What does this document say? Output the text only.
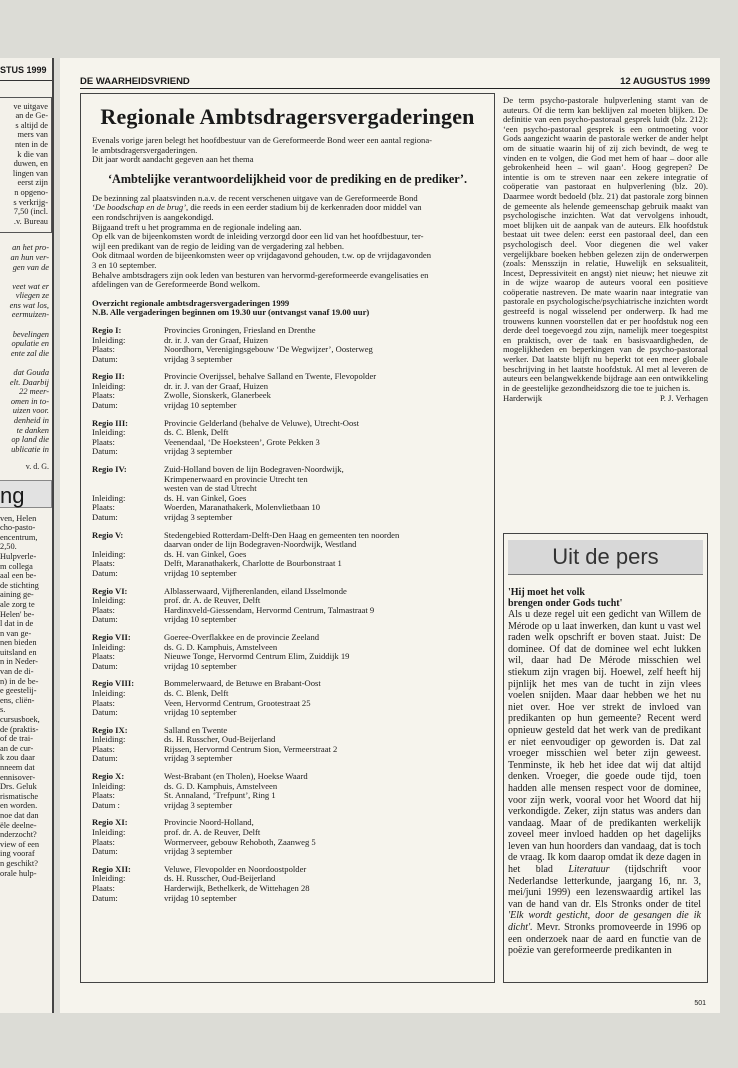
STUS 1999
ve uitgave
an de Ge-
s altijd de
mers van
nten in de
k die van
duwen, en
lingen van
eerst zijn
n opgeno-
s verkrijg-
7,50 (incl.
.v. Bureau
an het pro-
an hun ver-
gen van de

veet wat er
vliegen ze
ens wat los,
eermuizen-

bevelingen
opulatie en
ente zal die

dat Gouda
elt. Daarbij
22 meer-
omen in to-
uizen voor.
denheid in
te danken
op land die
ublicatie in
v. d. G.
ng
ven, Helen
cho-pasto-
encentrum,
2,50.
Hulpverle-
m collega
aal een be-
de stichting
aining ge-
ale zorg te
Helen' be-
l dat in de
n van ge-
nen bieden
uitsland en
n in Neder-
van de di-
n) in de be-
e geestelij-
ens, cliën-
s.
cursusboek,
de (praktis-
of de trai-
an de cur-
k zou daar
nneem dat
ennisover-
Drs. Geluk
rismatische
en worden.
noe dat dan
ële deelne-
nderzocht?
view of een
ing vooraf
n geschikt?
orale hulp-
DE WAARHEIDSVRIEND	12 AUGUSTUS 1999
Regionale Ambtsdragersvergaderingen

Evenals vorige jaren belegt het hoofdbestuur van de Gereformeerde Bond weer een aantal regiona-

le ambtsdragersvergaderingen.

Dit jaar wordt aandacht gegeven aan het thema

‘Ambtelijke verantwoordelijkheid voor de prediking en de prediker’.

De bezinning zal plaatsvinden n.a.v. de recent verschenen uitgave van de Gereformeerde Bond

‘De boodschap en de brug’, die reeds in een eerder stadium bij de kerkenraden door middel van

een rondschrijven is aangekondigd.

Bijgaand treft u het programma en de regionale indeling aan.

Op elk van de bijeenkomsten wordt de inleiding verzorgd door een lid van het hoofdbestuur, ter-

wijl een predikant van de regio de leiding van de vergadering zal hebben.

Ook ditmaal worden de bijeenkomsten weer op vrijdagavond gehouden, t.w. op de vrijdagavonden

3 en 10 september.

Behalve ambtsdragers zijn ook leden van besturen van hervormd-gereformeerde evangelisaties en

afdelingen van de Gereformeerde Bond welkom.

Overzicht regionale ambtsdragersvergaderingen 1999

N.B. Alle vergaderingen beginnen om 19.30 uur (ontvangst vanaf 19.00 uur)

Regio I:	Provincies Groningen, Friesland en Drenthe
Inleiding:	dr. ir. J. van der Graaf, Huizen
Plaats:	Noordhorn, Verenigingsgebouw ‘De Wegwijzer’, Oosterweg
Datum:	vrijdag 3 september
Regio II:	Provincie Overijssel, behalve Salland en Twente, Flevopolder
Inleiding:	dr. ir. J. van der Graaf, Huizen
Plaats:	Zwolle, Sionskerk, Glanerbeek
Datum:	vrijdag 10 september
Regio III:	Provincie Gelderland (behalve de Veluwe), Utrecht-Oost
Inleiding:	ds. C. Blenk, Delft
Plaats:	Veenendaal, ‘De Hoeksteen’, Grote Pekken 3
Datum:	vrijdag 3 september
Regio IV:	Zuid-Holland boven de lijn Bodegraven-Noordwijk,
Krimpenerwaard en provincie Utrecht ten
westen van de stad Utrecht
Inleiding:	ds. H. van Ginkel, Goes
Plaats:	Woerden, Maranathakerk, Molenvlietbaan 10
Datum:	vrijdag 3 september
Regio V:	Stedengebied Rotterdam-Delft-Den Haag en gemeenten ten noorden
daarvan onder de lijn Bodegraven-Noordwijk, Westland
Inleiding:	ds. H. van Ginkel, Goes
Plaats:	Delft, Maranathakerk, Charlotte de Bourbonstraat 1
Datum:	vrijdag 10 september
Regio VI:	Alblasserwaard, Vijfherenlanden, eiland IJsselmonde
Inleiding:	prof. dr. A. de Reuver, Delft
Plaats:	Hardinxveld-Giessendam, Hervormd Centrum, Talmastraat 9
Datum:	vrijdag 10 september
Regio VII:	Goeree-Overflakkee en de provincie Zeeland
Inleiding:	ds. G. D. Kamphuis, Amstelveen
Plaats:	Nieuwe Tonge, Hervormd Centrum Elim, Zuiddijk 19
Datum:	vrijdag 10 september
Regio VIII:	Bommelerwaard, de Betuwe en Brabant-Oost
Inleiding:	ds. C. Blenk, Delft
Plaats:	Veen, Hervormd Centrum, Grootestraat 25
Datum:	vrijdag 10 september
Regio IX:	Salland en Twente
Inleiding:	ds. H. Russcher, Oud-Beijerland
Plaats:	Rijssen, Hervormd Centrum Sion, Vermeerstraat 2
Datum:	vrijdag 3 september
Regio X:	West-Brabant (en Tholen), Hoekse Waard
Inleiding:	ds. G. D. Kamphuis, Amstelveen
Plaats:	St. Annaland, ‘Trefpunt’, Ring 1
Datum :	vrijdag 3 september
Regio XI:	Provincie Noord-Holland,
Inleiding:	prof. dr. A. de Reuver, Delft
Plaats:	Wormerveer, gebouw Rehoboth, Zaanweg 5
Datum:	vrijdag 3 september
Regio XII:	Veluwe, Flevopolder en Noordoostpolder
Inleiding:	ds. H. Russcher, Oud-Beijerland
Plaats:	Harderwijk, Bethelkerk, de Wittehagen 28
Datum:	vrijdag 10 september
De term psycho-pastorale hulpverlening stamt van de auteurs. Of die term kan beklijven zal moeten blijken. De definitie van een psycho-pastoraal gesprek luidt (blz. 212): ‘een psycho-pastoraal gesprek is een ontmoeting voor Gods aangezicht waarin de pastorale werker de ander helpt om de situatie waarin hij of zij zich bevindt, de weg te vinden en te volgen, die God met hem of haar – door alle gebrokenheid heen – wil gaan’. Hoog gegrepen? De intentie is om te streven naar een zekere integratie of coöperatie van pastoraat en hulpverlening (blz. 20). Daarmee wordt bedoeld (blz. 21) dat pastorale zorg binnen de gemeente als helende gemeenschap gebruik maakt van psychologische inzichten. Wat dat vervolgens inhoudt, moet blijken uit de aanpak van de auteurs. Elk hoofdstuk bestaat uit twee delen: eerst een pastoraal deel, dan een psychologisch deel. Voor diegenen die wel vaker vergelijkbare boeken hebben gelezen zijn de onderwerpen (zoals: Mensszijn in relatie, Huwelijk en seksualiteit, Incest, Depressiviteit en angst) niet nieuw; het nieuwe zit in de wijze waarop de auteurs vooral een positieve coöperatie nastreven. De mate waarin naar integratie van pastorale en psychologische/psychiatrische inzichten wordt gestreefd is nogal wisselend per onderwerp. Ik had me trouwens kunnen voorstellen dat er per hoofdstuk nog een derde deel toegevoegd zou zijn, namelijk meer toegespitst en praktisch, over de taak en basisvaardigheden, de mogelijkheden en beperkingen van de psycho-pastoraal werker. Dat laatste blijft nu beperkt tot een meer globale beschrijving in het laatste hoofdstuk. Al met al leveren de auteurs een belangwekkende bijdrage aan een ontwikkeling in de geestelijke gezondheidszorg die toe te juichen is.
Harderwijk	P. J. Verhagen
Uit de pers
'Hij moet het volk
brengen onder Gods tucht'
Als u deze regel uit een gedicht van Willem de Mérode op u laat inwerken, dan kunt u vast wel raden welk opschrift er boven staat. Juist: De dominee. Of dat de dominee wel echt lukken wil, daar had De Mérode misschien wel stiekum zijn vragen bij. Hoewel, zelf heeft hij pijnlijk het mes van de tucht in zijn vlees voelen snijden. Maar daar hebben we het nu niet over. Hoe ver strekt de invloed van predikanten op hun gemeente? Recent werd opnieuw gesteld dat het werk van de predikant er niet eenvoudiger op geworden is. Dat zal vroeger misschien wel beter zijn geweest. Tenminste, ik heb het idee dat wij dat altijd denken. Vroeger, die goede oude tijd, toen hadden alle mensen respect voor de dominee, voor zijn werk, vooral voor het Woord dat hij verkondigde. Zeker, zijn status was anders dan vandaag. Maar of de predikanten werkelijk zoveel meer invloed hadden op het dagelijks leven van hun hoorders dan vandaag, dat is toch de vraag. Ik kom daarop omdat ik deze dagen in het blad Literatuur (tijdschrift voor Nederlandse letterkunde, jaargang 16, nr. 3, mei/juni 1999) een lezenswaardig artikel las van de hand van dr. Els Stronks onder de titel 'Elk wordt gesticht, door de gesangen die ik dicht'. Mevr. Stronks promoveerde in 1996 op een onderzoek naar de aard en functie van de poëzie van gereformeerde predikanten in
501
